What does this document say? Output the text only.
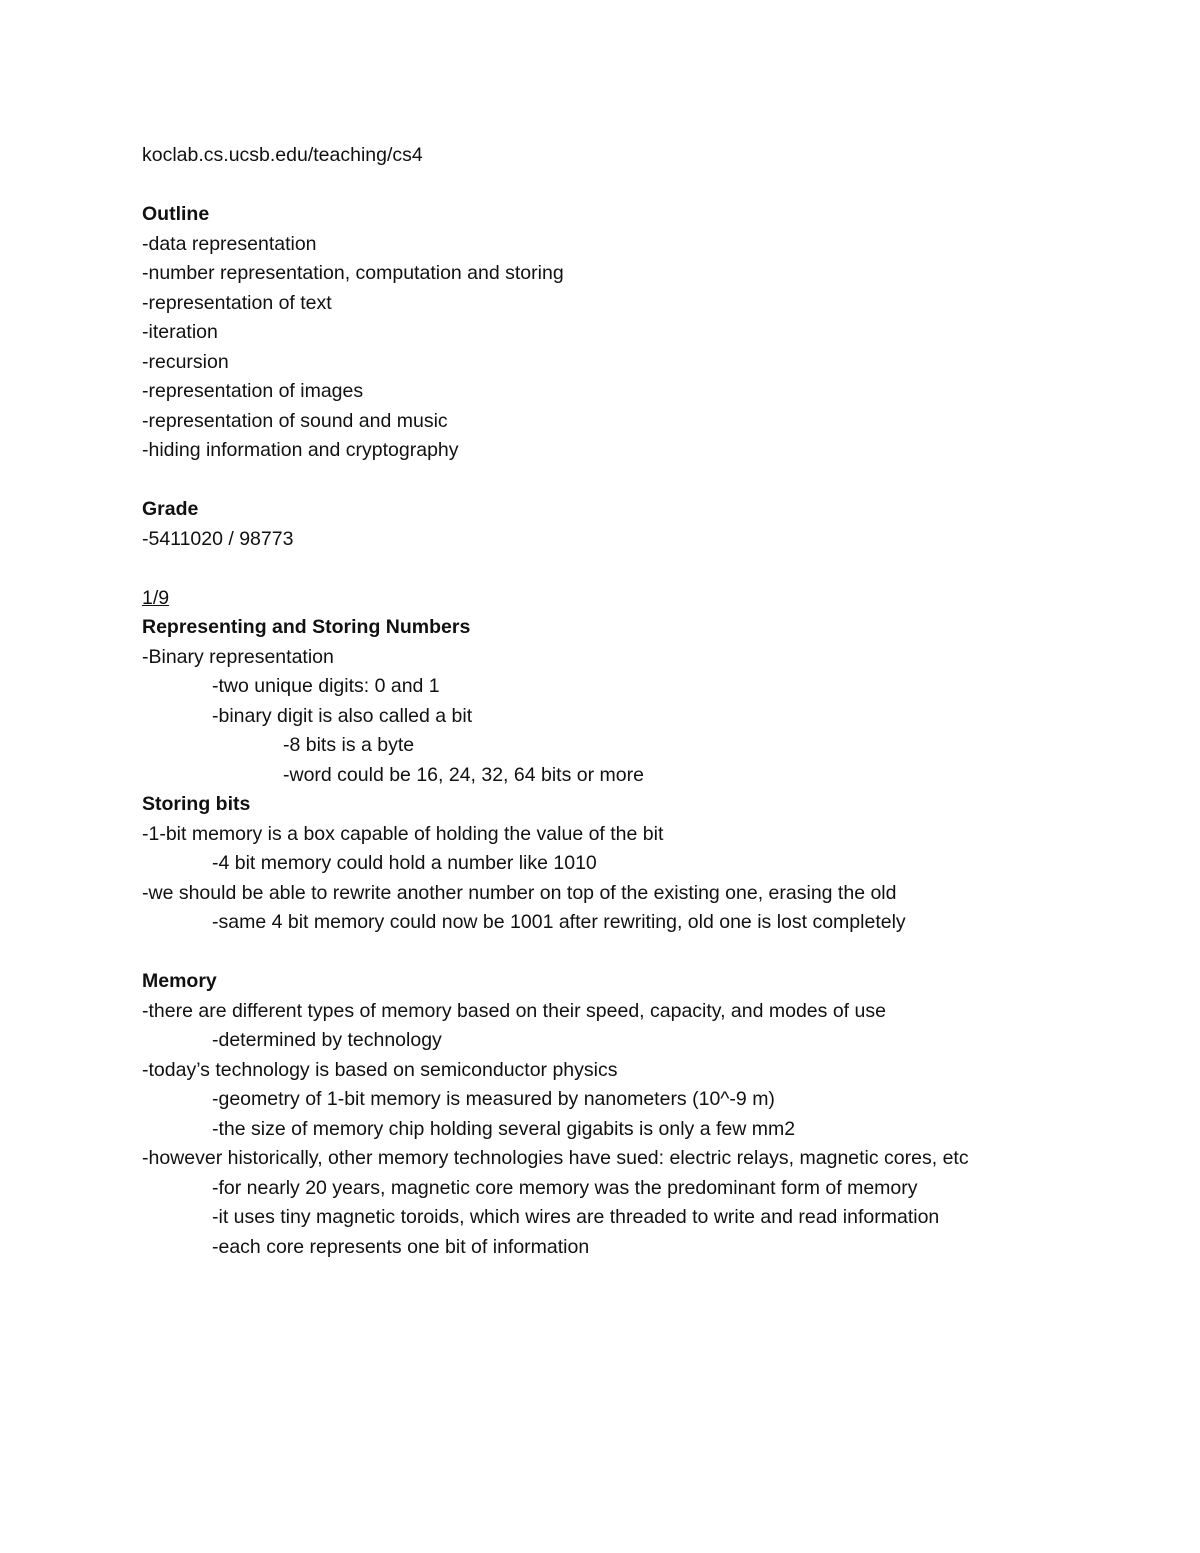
koclab.cs.ucsb.edu/teaching/cs4
Outline
-data representation
-number representation, computation and storing
-representation of text
-iteration
-recursion
-representation of images
-representation of sound and music
-hiding information and cryptography
Grade
-5411020 / 98773
1/9
Representing and Storing Numbers
-Binary representation
-two unique digits: 0 and 1
-binary digit is also called a bit
-8 bits is a byte
-word could be 16, 24, 32, 64 bits or more
Storing bits
-1-bit memory is a box capable of holding the value of the bit
-4 bit memory could hold a number like 1010
-we should be able to rewrite another number on top of the existing one, erasing the old
-same 4 bit memory could now be 1001 after rewriting, old one is lost completely
Memory
-there are different types of memory based on their speed, capacity, and modes of use
-determined by technology
-today’s technology is based on semiconductor physics
-geometry of 1-bit memory is measured by nanometers (10^-9 m)
-the size of memory chip holding several gigabits is only a few mm2
-however historically, other memory technologies have sued: electric relays, magnetic cores, etc
-for nearly 20 years, magnetic core memory was the predominant form of memory
-it uses tiny magnetic toroids, which wires are threaded to write and read information
-each core represents one bit of information
